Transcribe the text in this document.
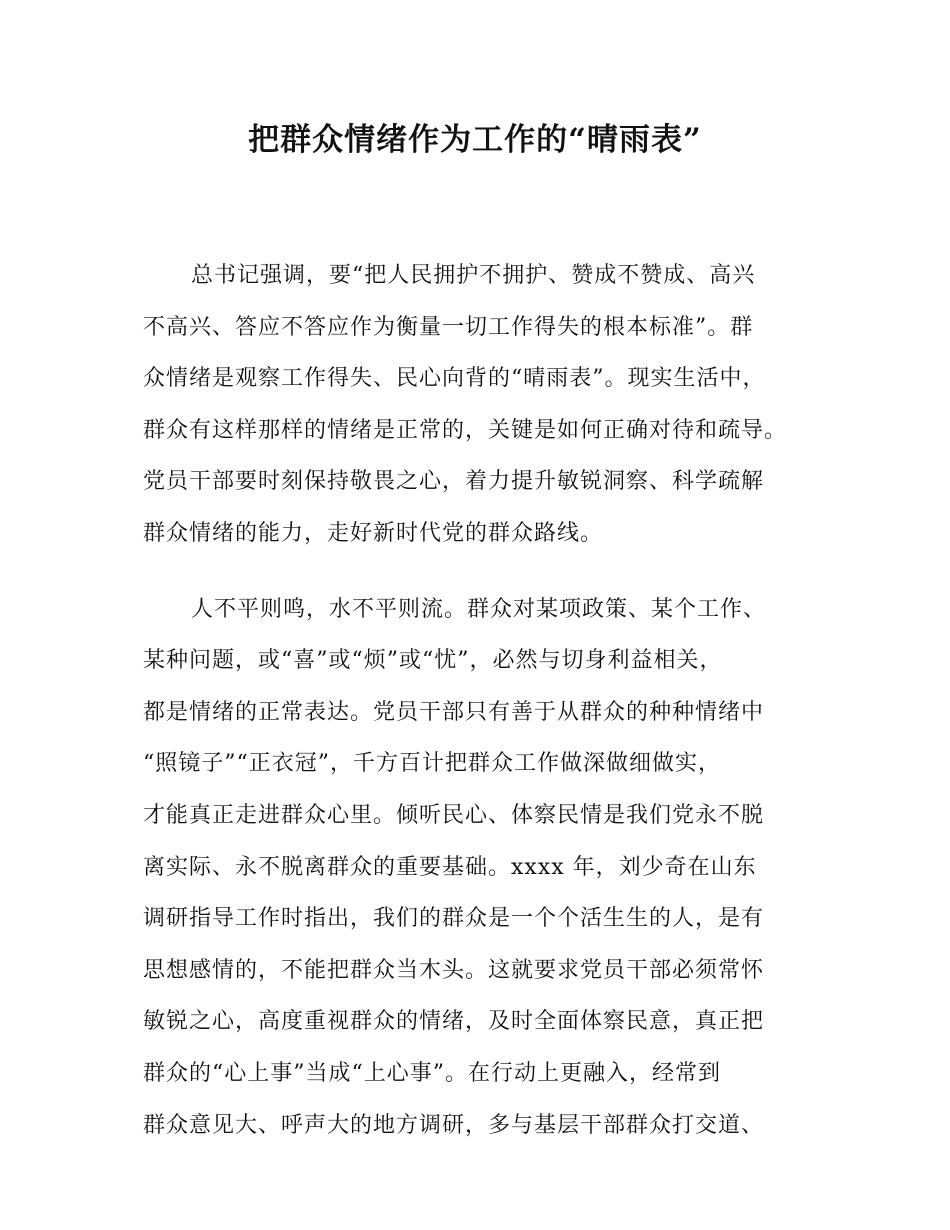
把群众情绪作为工作的“晴雨表”
总书记强调，要“把人民拥护不拥护、赞成不赞成、高兴
不高兴、答应不答应作为衡量一切工作得失的根本标准”。群
众情绪是观察工作得失、民心向背的“晴雨表”。现实生活中，
群众有这样那样的情绪是正常的，关键是如何正确对待和疏导。
党员干部要时刻保持敬畏之心，着力提升敏锐洞察、科学疏解
群众情绪的能力，走好新时代党的群众路线。
人不平则鸣，水不平则流。群众对某项政策、某个工作、
某种问题，或“喜”或“烦”或“忧”，必然与切身利益相关，
都是情绪的正常表达。党员干部只有善于从群众的种种情绪中
“照镜子”“正衣冠”，千方百计把群众工作做深做细做实，
才能真正走进群众心里。倾听民心、体察民情是我们党永不脱
离实际、永不脱离群众的重要基础。xxxx 年，刘少奇在山东
调研指导工作时指出，我们的群众是一个个活生生的人，是有
思想感情的，不能把群众当木头。这就要求党员干部必须常怀
敏锐之心，高度重视群众的情绪，及时全面体察民意，真正把
群众的“心上事”当成“上心事”。在行动上更融入，经常到
群众意见大、呼声大的地方调研，多与基层干部群众打交道、
